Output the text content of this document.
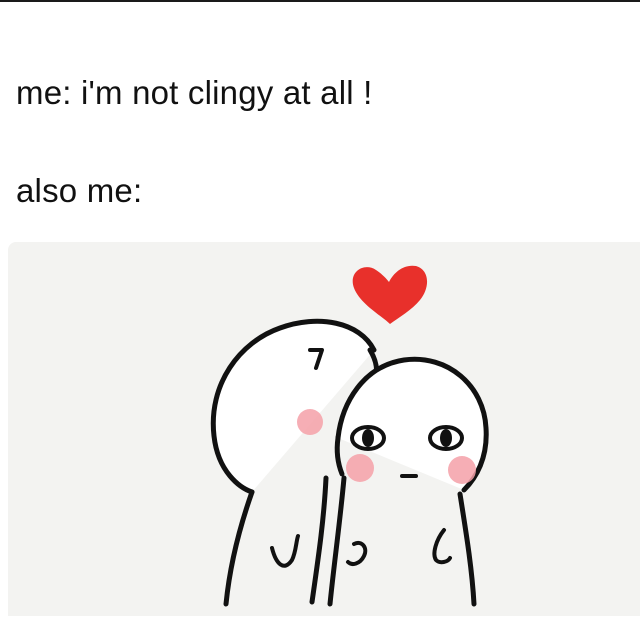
me: i'm not clingy at all !

also me:
